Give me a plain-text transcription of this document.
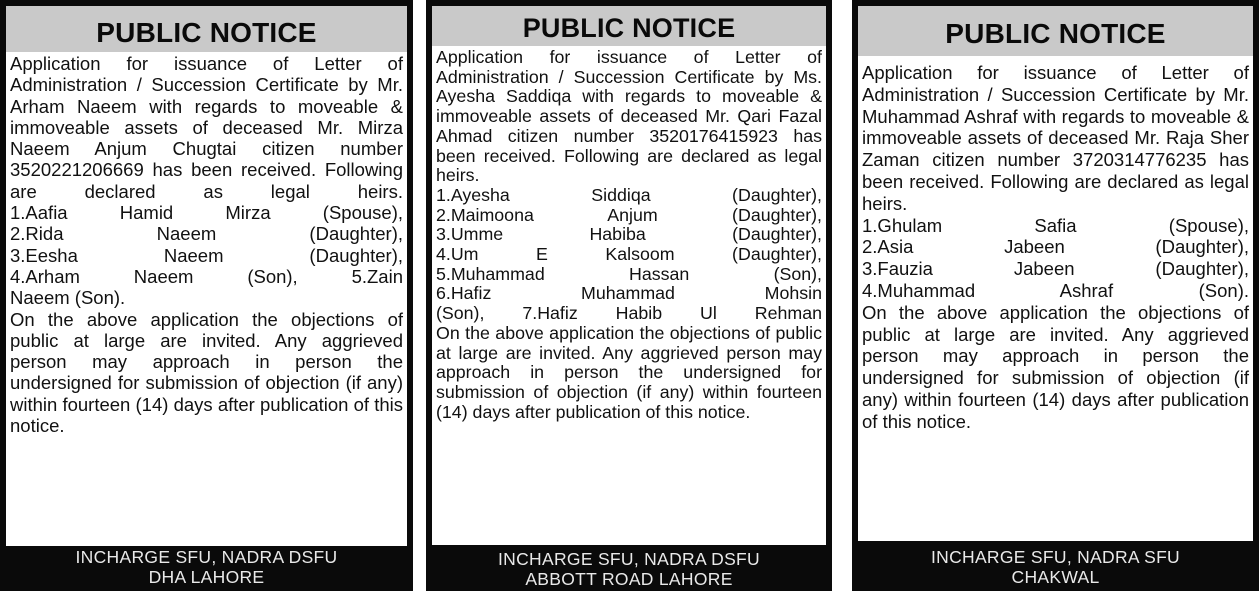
PUBLIC NOTICE
Application for issuance of Letter of Administration / Succession Certificate by Mr. Arham Naeem with regards to moveable & immoveable assets of deceased Mr. Mirza Naeem Anjum Chugtai citizen number 3520221206669 has been received. Following are declared as legal heirs.
1.Aafia Hamid Mirza (Spouse),
2.Rida Naeem (Daughter),
3.Eesha Naeem (Daughter),
4.Arham Naeem (Son), 5.Zain
Naeem (Son).
On the above application the objections of public at large are invited. Any aggrieved person may approach in person the undersigned for submission of objection (if any) within fourteen (14) days after publication of this notice.
INCHARGE SFU, NADRA DSFU
DHA LAHORE
PUBLIC NOTICE
Application for issuance of Letter of Administration / Succession Certificate by Ms. Ayesha Saddiqa with regards to moveable & immoveable assets of deceased Mr. Qari Fazal Ahmad citizen number 3520176415923 has been received. Following are declared as legal heirs.
1.Ayesha Siddiqa (Daughter),
2.Maimoona Anjum (Daughter),
3.Umme Habiba (Daughter),
4.Um E Kalsoom (Daughter),
5.Muhammad Hassan (Son),
6.Hafiz Muhammad Mohsin
(Son), 7.Hafiz Habib Ul Rehman
On the above application the objections of public at large are invited. Any aggrieved person may approach in person the undersigned for submission of objection (if any) within fourteen (14) days after publication of this notice.
INCHARGE SFU, NADRA DSFU
ABBOTT ROAD LAHORE
PUBLIC NOTICE
Application for issuance of Letter of Administration / Succession Certificate by Mr. Muhammad Ashraf with regards to moveable & immoveable assets of deceased Mr. Raja Sher Zaman citizen number 3720314776235 has been received. Following are declared as legal heirs.
1.Ghulam Safia (Spouse),
2.Asia Jabeen (Daughter),
3.Fauzia Jabeen (Daughter),
4.Muhammad Ashraf (Son).
On the above application the objections of public at large are invited. Any aggrieved person may approach in person the undersigned for submission of objection (if any) within fourteen (14) days after publication of this notice.
INCHARGE SFU, NADRA SFU
CHAKWAL
